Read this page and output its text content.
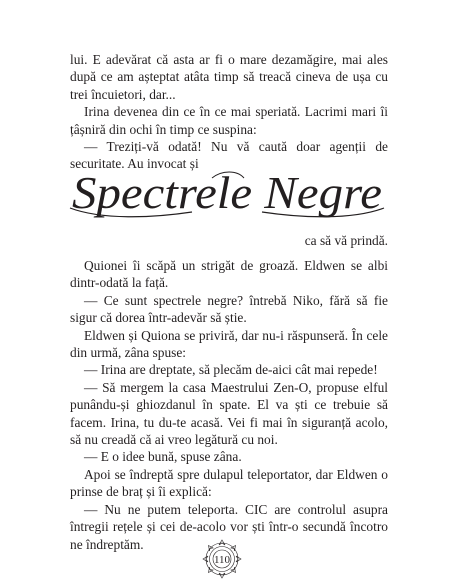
lui. E adevărat că asta ar fi o mare dezamăgire, mai ales după ce am așteptat atâta timp să treacă cineva de ușa cu trei încuietori, dar...

Irina devenea din ce în ce mai speriată. Lacrimi mari îi țâșniră din ochi în timp ce suspina:

— Treziți-vă odată! Nu vă caută doar agenții de securitate. Au invocat și

Spectrele Negre
ca să vă prindă.

Quionei îi scăpă un strigăt de groază. Eldwen se albi dintr-odată la față.

— Ce sunt spectrele negre? întrebă Niko, fără să fie sigur că dorea într-adevăr să știe.

Eldwen și Quiona se priviră, dar nu-i răspunseră. În cele din urmă, zâna spuse:

— Irina are dreptate, să plecăm de-aici cât mai repede!

— Să mergem la casa Maestrului Zen-O, propuse elful punându-și ghiozdanul în spate. El va ști ce trebuie să facem. Irina, tu du-te acasă. Vei fi mai în siguranță acolo, să nu creadă că ai vreo legătură cu noi.

— E o idee bună, spuse zâna.

Apoi se îndreptă spre dulapul teleportator, dar Eldwen o prinse de braț și îi explică:

— Nu ne putem teleporta. CIC are controlul asupra întregii rețele și cei de-acolo vor ști într-o secundă încotro ne îndreptăm.

110
